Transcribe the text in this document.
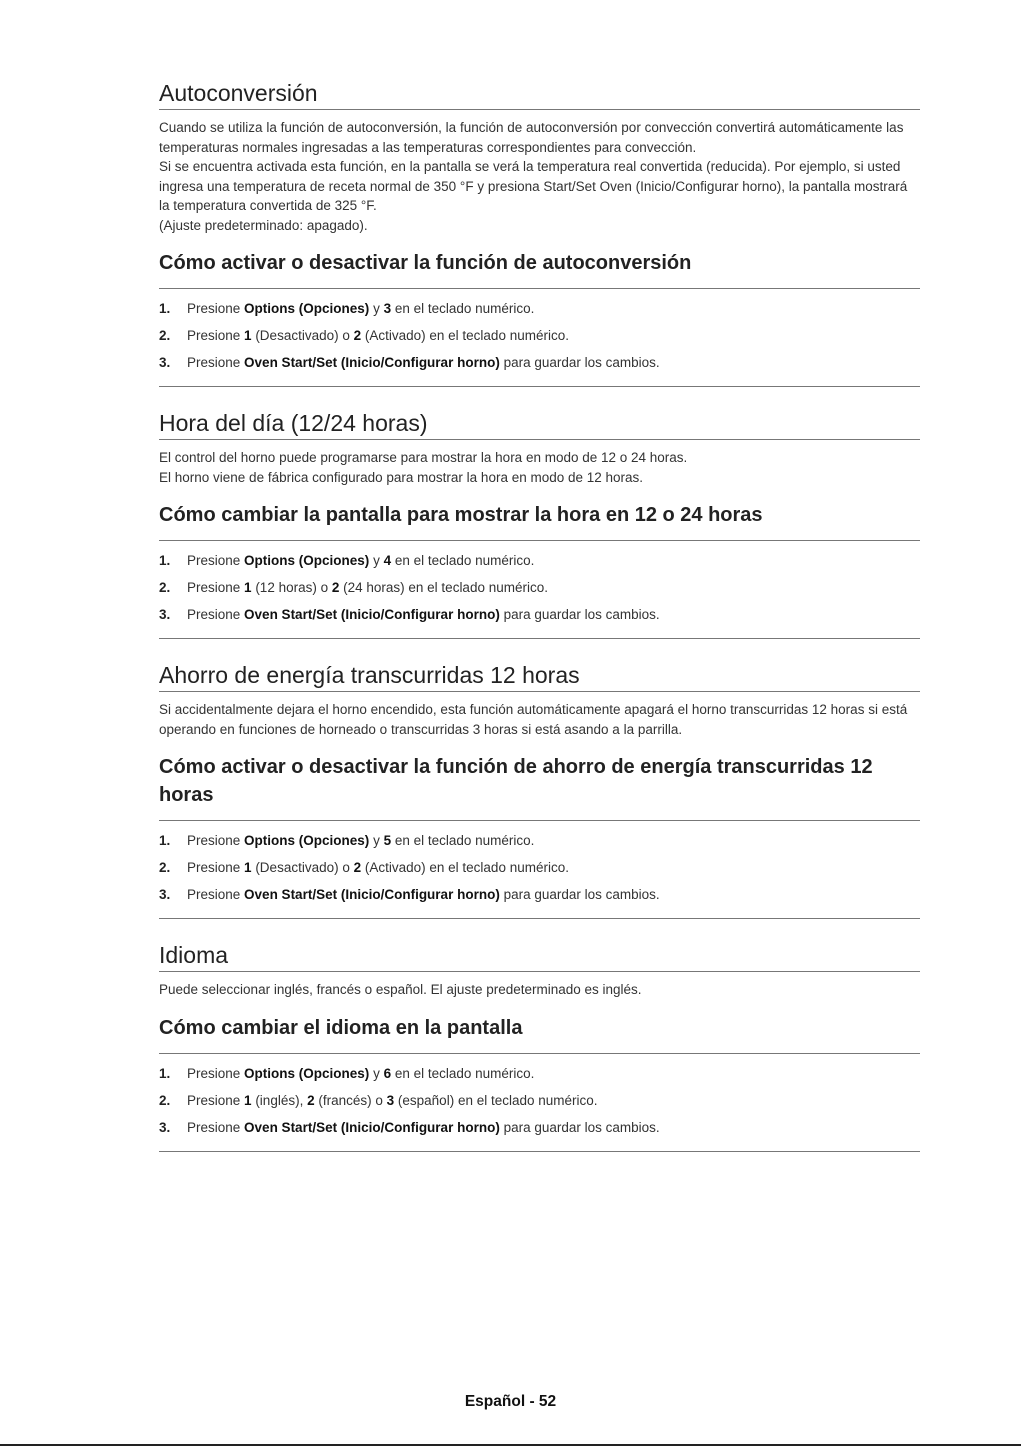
Autoconversión

Cuando se utiliza la función de autoconversión, la función de autoconversión por convección convertirá automáticamente las temperaturas normales ingresadas a las temperaturas correspondientes para convección.

Si se encuentra activada esta función, en la pantalla se verá la temperatura real convertida (reducida). Por ejemplo, si usted ingresa una temperatura de receta normal de 350 °F y presiona Start/Set Oven (Inicio/Configurar horno), la pantalla mostrará la temperatura convertida de 325 °F.

(Ajuste predeterminado: apagado).

Cómo activar o desactivar la función de autoconversión
1.	Presione Options (Opciones) y 3 en el teclado numérico.
2.	Presione 1 (Desactivado) o 2 (Activado) en el teclado numérico.
3.	Presione Oven Start/Set (Inicio/Configurar horno) para guardar los cambios.
Hora del día (12/24 horas)

El control del horno puede programarse para mostrar la hora en modo de 12 o 24 horas.

El horno viene de fábrica configurado para mostrar la hora en modo de 12 horas.

Cómo cambiar la pantalla para mostrar la hora en 12 o 24 horas
1.	Presione Options (Opciones) y 4 en el teclado numérico.
2.	Presione 1 (12 horas) o 2 (24 horas) en el teclado numérico.
3.	Presione Oven Start/Set (Inicio/Configurar horno) para guardar los cambios.
Ahorro de energía transcurridas 12 horas

Si accidentalmente dejara el horno encendido, esta función automáticamente apagará el horno transcurridas 12 horas si está operando en funciones de horneado o transcurridas 3 horas si está asando a la parrilla.

Cómo activar o desactivar la función de ahorro de energía transcurridas 12 horas
1.	Presione Options (Opciones) y 5 en el teclado numérico.
2.	Presione 1 (Desactivado) o 2 (Activado) en el teclado numérico.
3.	Presione Oven Start/Set (Inicio/Configurar horno) para guardar los cambios.
Idioma

Puede seleccionar inglés, francés o español. El ajuste predeterminado es inglés.

Cómo cambiar el idioma en la pantalla
1.	Presione Options (Opciones) y 6 en el teclado numérico.
2.	Presione 1 (inglés), 2 (francés) o 3 (español) en el teclado numérico.
3.	Presione Oven Start/Set (Inicio/Configurar horno) para guardar los cambios.
Español - 52
